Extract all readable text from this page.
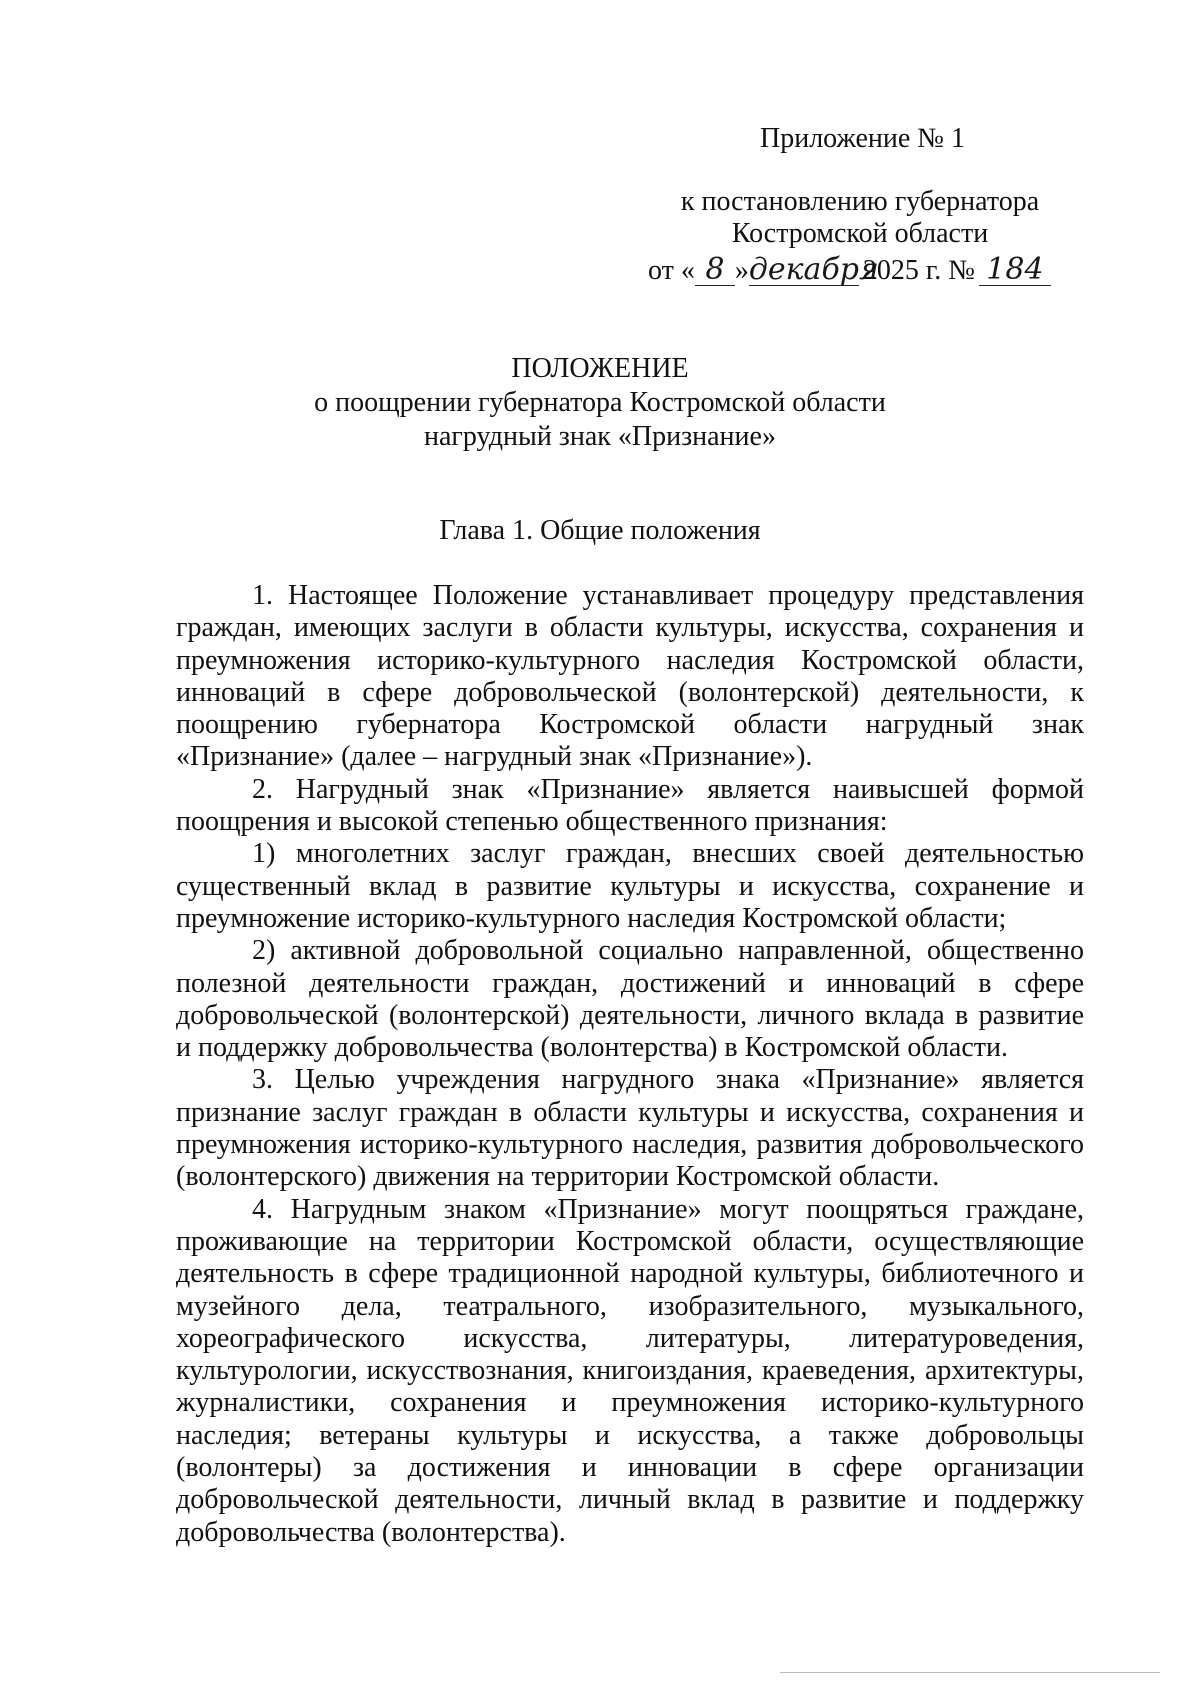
Приложение № 1
к постановлению губернатора
Костромской области
от « 8 »декабря2025 г. № 184
ПОЛОЖЕНИЕ
о поощрении губернатора Костромской области
нагрудный знак «Признание»
Глава 1. Общие положения

1. Настоящее Положение устанавливает процедуру представления граждан, имеющих заслуги в области культуры, искусства, сохранения и преумножения историко-культурного наследия Костромской области, инноваций в сфере добровольческой (волонтерской) деятельности, к поощрению губернатора Костромской области нагрудный знак «Признание» (далее – нагрудный знак «Признание»).

2. Нагрудный знак «Признание» является наивысшей формой поощрения и высокой степенью общественного признания:

1) многолетних заслуг граждан, внесших своей деятельностью существенный вклад в развитие культуры и искусства, сохранение и преумножение историко-культурного наследия Костромской области;

2) активной добровольной социально направленной, общественно полезной деятельности граждан, достижений и инноваций в сфере добровольческой (волонтерской) деятельности, личного вклада в развитие и поддержку добровольчества (волонтерства) в Костромской области.

3. Целью учреждения нагрудного знака «Признание» является признание заслуг граждан в области культуры и искусства, сохранения и преумножения историко-культурного наследия, развития добровольческого (волонтерского) движения на территории Костромской области.

4. Нагрудным знаком «Признание» могут поощряться граждане, проживающие на территории Костромской области, осуществляющие деятельность в сфере традиционной народной культуры, библиотечного и музейного дела, театрального, изобразительного, музыкального, хореографического искусства, литературы, литературоведения, культурологии, искусствознания, книгоиздания, краеведения, архитектуры, журналистики, сохранения и преумножения историко-культурного наследия; ветераны культуры и искусства, а также добровольцы (волонтеры) за достижения и инновации в сфере организации добровольческой деятельности, личный вклад в развитие и поддержку добровольчества (волонтерства).
